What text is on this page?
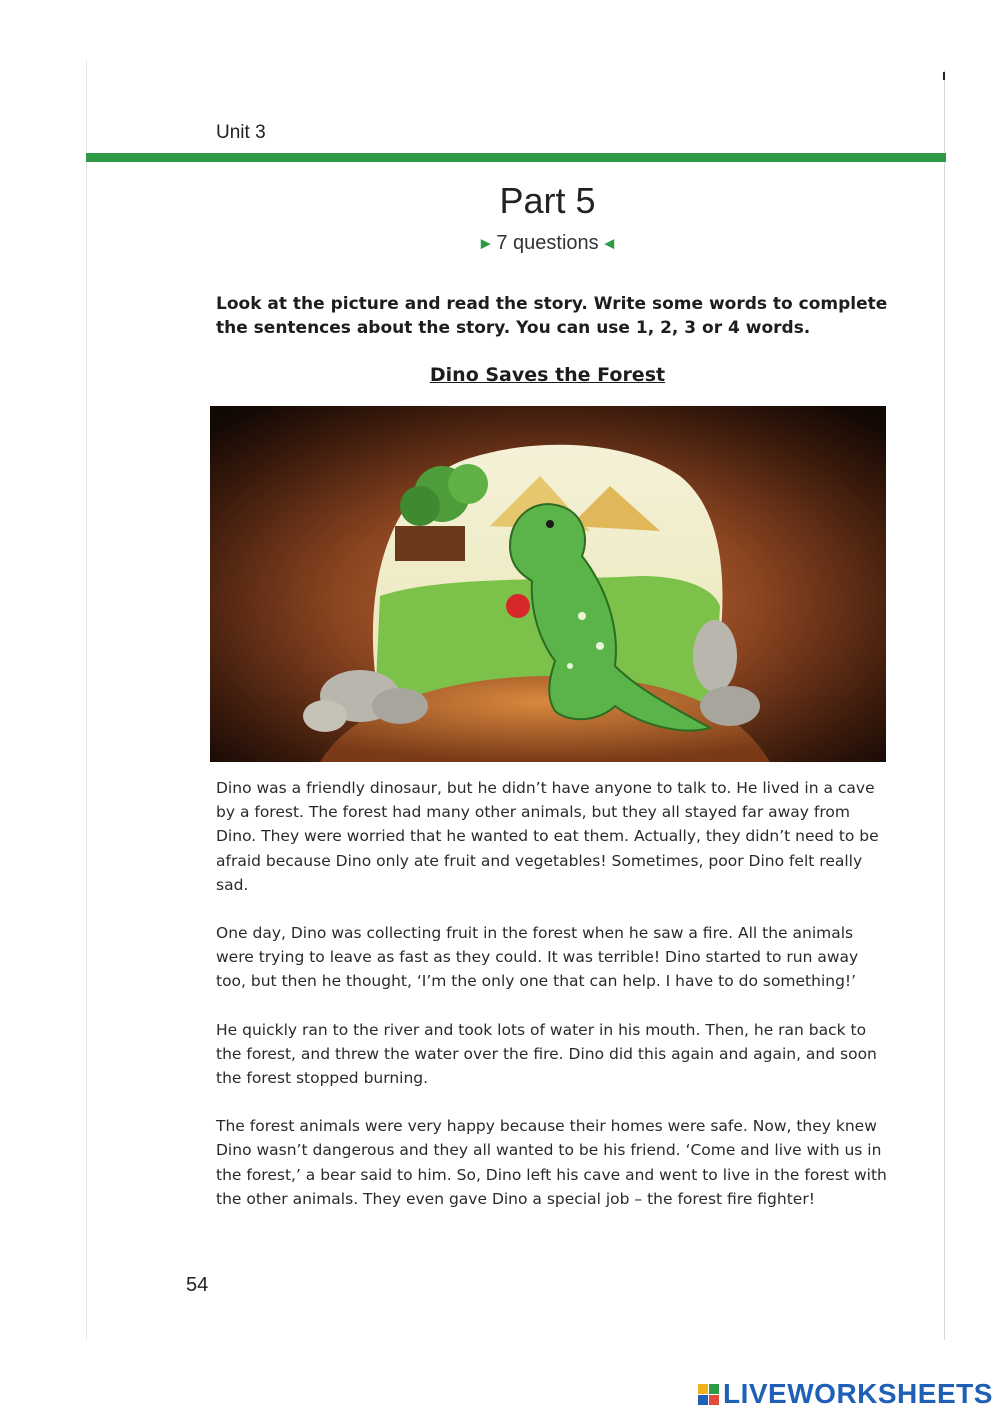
Unit 3
Part 5
▶ 7 questions ◀
Look at the picture and read the story. Write some words to complete the sentences about the story. You can use 1, 2, 3 or 4 words.
Dino Saves the Forest

Dino was a friendly dinosaur, but he didn’t have anyone to talk to. He lived in a cave by a forest. The forest had many other animals, but they all stayed far away from Dino. They were worried that he wanted to eat them. Actually, they didn’t need to be afraid because Dino only ate fruit and vegetables! Sometimes, poor Dino felt really sad.

One day, Dino was collecting fruit in the forest when he saw a fire. All the animals were trying to leave as fast as they could. It was terrible! Dino started to run away too, but then he thought, ‘I’m the only one that can help. I have to do something!’

He quickly ran to the river and took lots of water in his mouth. Then, he ran back to the forest, and threw the water over the fire. Dino did this again and again, and soon the forest stopped burning.

The forest animals were very happy because their homes were safe. Now, they knew Dino wasn’t dangerous and they all wanted to be his friend. ‘Come and live with us in the forest,’ a bear said to him. So, Dino left his cave and went to live in the forest with the other animals. They even gave Dino a special job – the forest fire fighter!

54
LIVEWORKSHEETS
